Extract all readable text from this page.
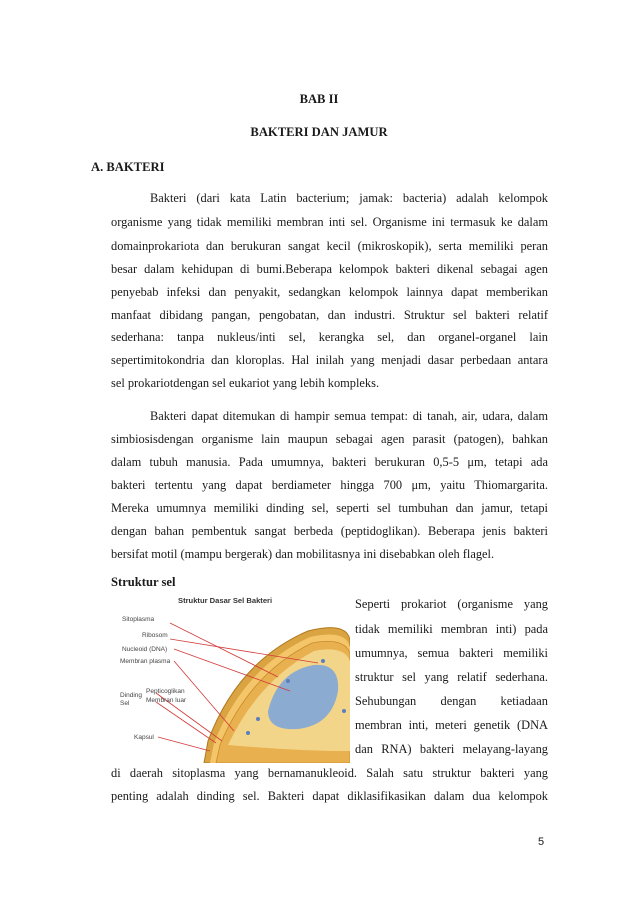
BAB II
BAKTERI DAN JAMUR
A. BAKTERI
Bakteri (dari kata Latin bacterium; jamak: bacteria) adalah kelompok
organisme yang tidak memiliki membran inti sel. Organisme ini termasuk ke dalam
domainprokariota dan berukuran sangat kecil (mikroskopik), serta memiliki peran
besar dalam kehidupan di bumi.Beberapa kelompok bakteri dikenal sebagai agen
penyebab infeksi dan penyakit, sedangkan kelompok lainnya dapat memberikan
manfaat dibidang pangan, pengobatan, dan industri. Struktur sel bakteri relatif
sederhana: tanpa nukleus/inti sel, kerangka sel, dan organel-organel lain
sepertimitokondria dan kloroplas. Hal inilah yang menjadi dasar perbedaan antara
sel prokariotdengan sel eukariot yang lebih kompleks.
Bakteri dapat ditemukan di hampir semua tempat: di tanah, air, udara, dalam
simbiosisdengan organisme lain maupun sebagai agen parasit (patogen), bahkan
dalam tubuh manusia. Pada umumnya, bakteri berukuran 0,5-5 μm, tetapi ada
bakteri tertentu yang dapat berdiameter hingga 700 μm, yaitu Thiomargarita.
Mereka umumnya memiliki dinding sel, seperti sel tumbuhan dan jamur, tetapi
dengan bahan pembentuk sangat berbeda (peptidoglikan). Beberapa jenis bakteri
bersifat motil (mampu bergerak) dan mobilitasnya ini disebabkan oleh flagel.
Struktur sel
Struktur Dasar Sel Bakteri
Sitoplasma
Ribosom
Nucleoid (DNA)
Membran plasma
Dinding
Sel
Pepticoglikan
Membran luar
Kapsul
Seperti prokariot (organisme yang
tidak memiliki membran inti) pada
umumnya, semua bakteri memiliki
struktur sel yang relatif sederhana.
Sehubungan dengan ketiadaan
membran inti, meteri genetik (DNA
dan RNA) bakteri melayang-layang
di daerah sitoplasma yang bernamanukleoid. Salah satu struktur bakteri yang
penting adalah dinding sel. Bakteri dapat diklasifikasikan dalam dua kelompok
5
